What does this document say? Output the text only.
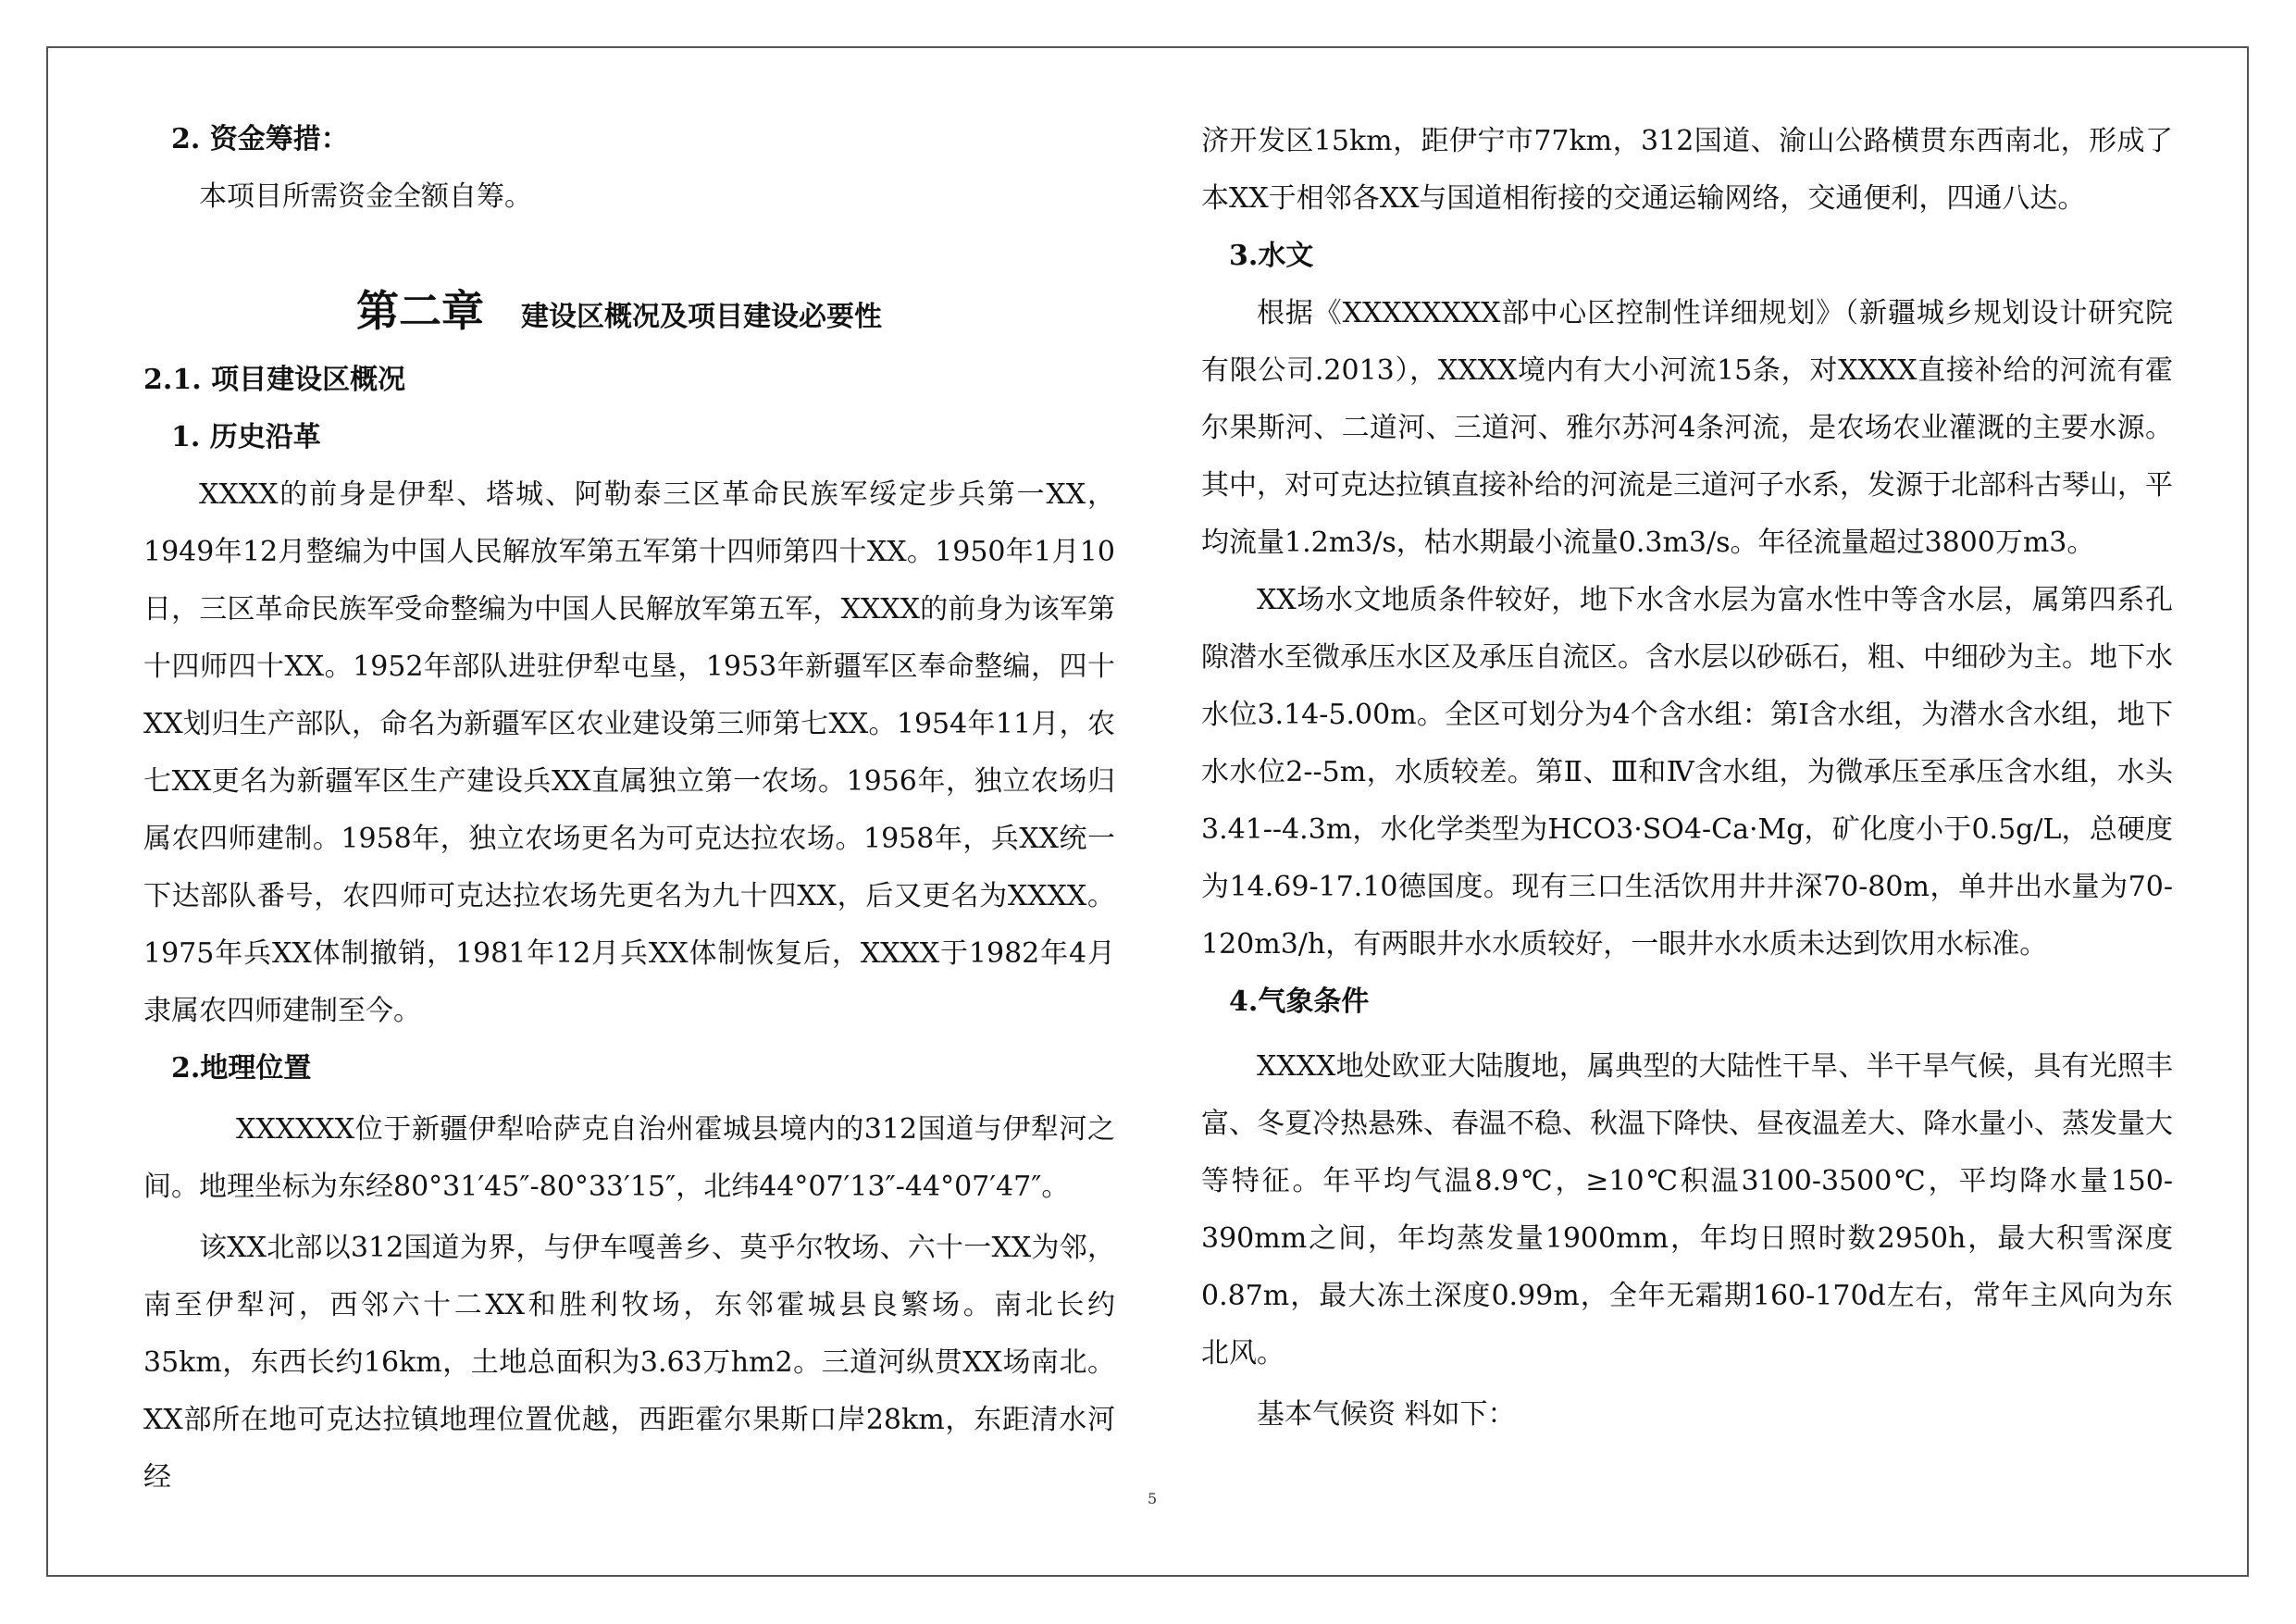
2. 资金筹措：

本项目所需资金全额自筹。

第二章 建设区概况及项目建设必要性

2.1. 项目建设区概况

1. 历史沿革

XXXX的前身是伊犁、塔城、阿勒泰三区革命民族军绥定步兵第一XX，1949年12月整编为中国人民解放军第五军第十四师第四十XX。1950年1月10日，三区革命民族军受命整编为中国人民解放军第五军，XXXX的前身为该军第十四师四十XX。1952年部队进驻伊犁屯垦，1953年新疆军区奉命整编，四十XX划归生产部队，命名为新疆军区农业建设第三师第七XX。1954年11月，农七XX更名为新疆军区生产建设兵XX直属独立第一农场。1956年，独立农场归属农四师建制。1958年，独立农场更名为可克达拉农场。1958年，兵XX统一下达部队番号，农四师可克达拉农场先更名为九十四XX，后又更名为XXXX。1975年兵XX体制撤销，1981年12月兵XX体制恢复后，XXXX于1982年4月隶属农四师建制至今。

2.地理位置

XXXXXX位于新疆伊犁哈萨克自治州霍城县境内的312国道与伊犁河之间。地理坐标为东经80°31′45″-80°33′15″，北纬44°07′13″-44°07′47″。

该XX北部以312国道为界，与伊车嘎善乡、莫乎尔牧场、六十一XX为邻，南至伊犁河，西邻六十二XX和胜利牧场，东邻霍城县良繁场。南北长约35km，东西长约16km，土地总面积为3.63万hm2。三道河纵贯XX场南北。XX部所在地可克达拉镇地理位置优越，西距霍尔果斯口岸28km，东距清水河经

济开发区15km，距伊宁市77km，312国道、渝山公路横贯东西南北，形成了本XX于相邻各XX与国道相衔接的交通运输网络，交通便利，四通八达。

3.水文

根据《XXXXXXXX部中心区控制性详细规划》（新疆城乡规划设计研究院有限公司.2013），XXXX境内有大小河流15条，对XXXX直接补给的河流有霍尔果斯河、二道河、三道河、雅尔苏河4条河流，是农场农业灌溉的主要水源。其中，对可克达拉镇直接补给的河流是三道河子水系，发源于北部科古琴山，平均流量1.2m3/s，枯水期最小流量0.3m3/s。年径流量超过3800万m3。

XX场水文地质条件较好，地下水含水层为富水性中等含水层，属第四系孔隙潜水至微承压水区及承压自流区。含水层以砂砾石，粗、中细砂为主。地下水水位3.14-5.00m。全区可划分为4个含水组：第Ⅰ含水组，为潜水含水组，地下水水位2--5m，水质较差。第Ⅱ、Ⅲ和Ⅳ含水组，为微承压至承压含水组，水头3.41--4.3m，水化学类型为HCO3·SO4-Ca·Mg，矿化度小于0.5g/L，总硬度为14.69-17.10德国度。现有三口生活饮用井井深70-80m，单井出水量为70-120m3/h，有两眼井水水质较好，一眼井水水质未达到饮用水标准。

4.气象条件

XXXX地处欧亚大陆腹地，属典型的大陆性干旱、半干旱气候，具有光照丰富、冬夏冷热悬殊、春温不稳、秋温下降快、昼夜温差大、降水量小、蒸发量大等特征。年平均气温8.9℃，≥10℃积温3100-3500℃，平均降水量150-390mm之间，年均蒸发量1900mm，年均日照时数2950h，最大积雪深度0.87m，最大冻土深度0.99m，全年无霜期160-170d左右，常年主风向为东北风。

基本气候资 料如下：

5
